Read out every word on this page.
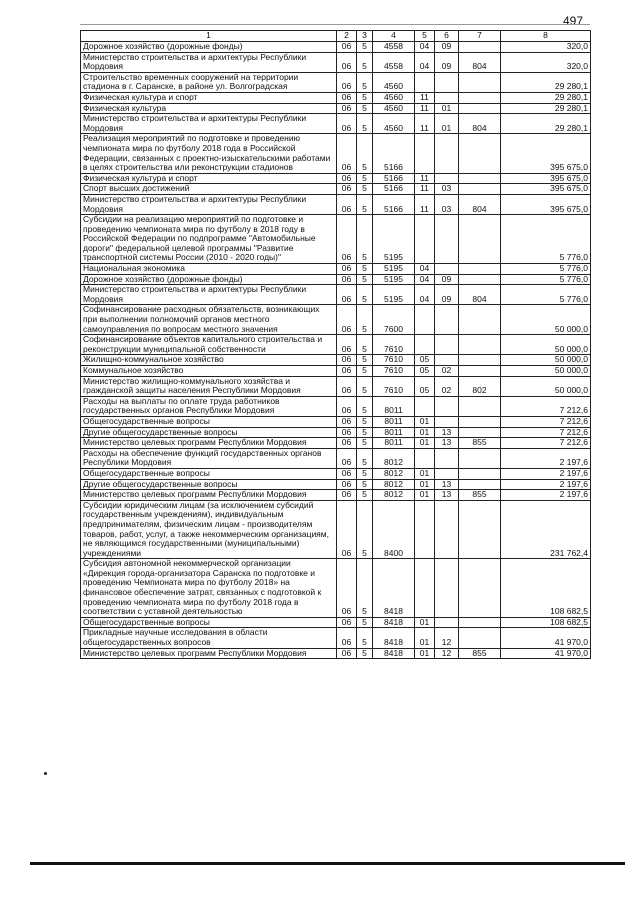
497
1	2	3	4	5	6	7	8
Дорожное хозяйство (дорожные фонды)	06	5	4558	04	09		320,0
Министерство строительства и архитектуры Республики Мордовия	06	5	4558	04	09	804	320,0
Строительство временных сооружений на территории стадиона в г. Саранске, в районе ул. Волгоградская	06	5	4560				29 280,1
Физическая культура и спорт	06	5	4560	11			29 280,1
Физическая культура	06	5	4560	11	01		29 280,1
Министерство строительства и архитектуры Республики Мордовия	06	5	4560	11	01	804	29 280,1
Реализация мероприятий по подготовке и проведению чемпионата мира по футболу 2018 года в Российской Федерации, связанных с проектно-изыскательскими работами в целях строительства или реконструкции стадионов	06	5	5166				395 675,0
Физическая культура и спорт	06	5	5166	11			395 675,0
Спорт высших достижений	06	5	5166	11	03		395 675,0
Министерство строительства и архитектуры Республики Мордовия	06	5	5166	11	03	804	395 675,0
Субсидии на реализацию мероприятий по подготовке и проведению чемпионата мира по футболу в 2018 году в Российской Федерации по подпрограмме "Автомобильные дороги" федеральной целевой программы "Развитие транспортной системы России (2010 - 2020 годы)"	06	5	5195				5 776,0
Национальная экономика	06	5	5195	04			5 776,0
Дорожное хозяйство (дорожные фонды)	06	5	5195	04	09		5 776,0
Министерство строительства и архитектуры Республики Мордовия	06	5	5195	04	09	804	5 776,0
Софинансирование расходных обязательств, возникающих при выполнении полномочий органов местного самоуправления по вопросам местного значения	06	5	7600				50 000,0
Софинансирование объектов капитального строительства и реконструкции муниципальной собственности	06	5	7610				50 000,0
Жилищно-коммунальное хозяйство	06	5	7610	05			50 000,0
Коммунальное хозяйство	06	5	7610	05	02		50 000,0
Министерство жилищно-коммунального хозяйства и гражданской защиты населения Республики Мордовия	06	5	7610	05	02	802	50 000,0
Расходы на выплаты по оплате труда работников государственных органов Республики Мордовия	06	5	8011				7 212,6
Общегосударственные вопросы	06	5	8011	01			7 212,6
Другие общегосударственные вопросы	06	5	8011	01	13		7 212,6
Министерство целевых программ Республики Мордовия	06	5	8011	01	13	855	7 212,6
Расходы на обеспечение функций государственных органов Республики Мордовия	06	5	8012				2 197,6
Общегосударственные вопросы	06	5	8012	01			2 197,6
Другие общегосударственные вопросы	06	5	8012	01	13		2 197,6
Министерство целевых программ Республики Мордовия	06	5	8012	01	13	855	2 197,6
Субсидии юридическим лицам (за исключением субсидий государственным учреждениям), индивидуальным предпринимателям, физическим лицам - производителям товаров, работ, услуг, а также некоммерческим организациям, не являющимся государственными (муниципальными) учреждениями	06	5	8400				231 762,4
Субсидия автономной некоммерческой организации «Дирекция города-организатора Саранска по подготовке и проведению Чемпионата мира по футболу 2018» на финансовое обеспечение затрат, связанных с подготовкой к проведению чемпионата мира по футболу 2018 года в соответствии с уставной деятельностью	06	5	8418				108 682,5
Общегосударственные вопросы	06	5	8418	01			108 682,5
Прикладные научные исследования в области общегосударственных вопросов	06	5	8418	01	12		41 970,0
Министерство целевых программ Республики Мордовия	06	5	8418	01	12	855	41 970,0
